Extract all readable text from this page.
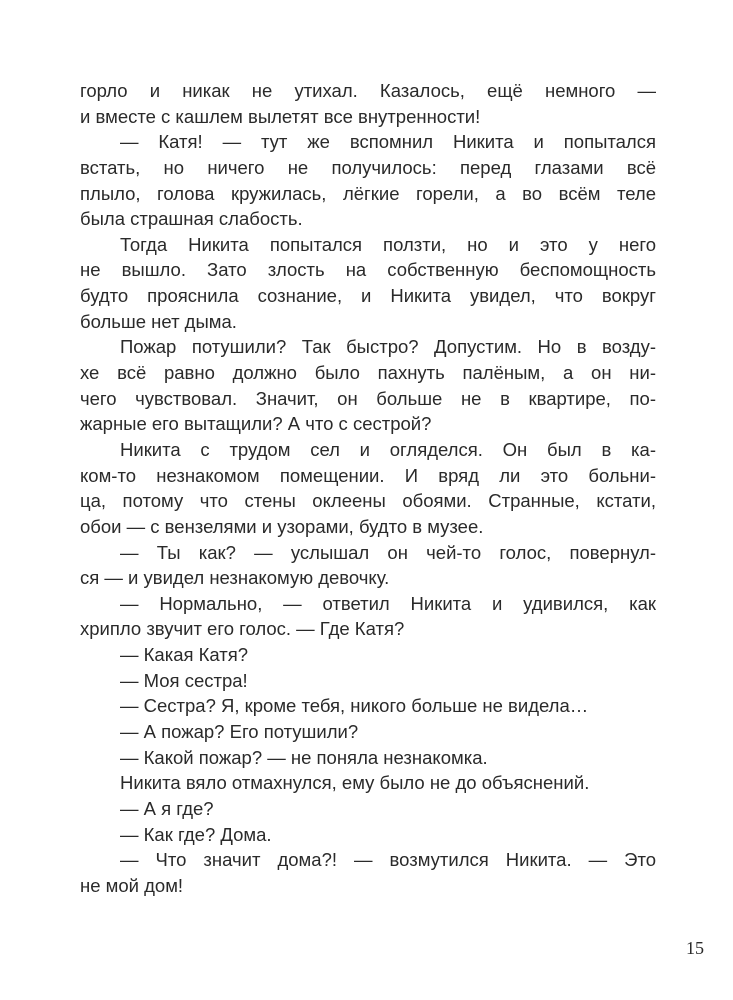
горло и никак не утихал. Казалось, ещё немного —
и вместе с кашлем вылетят все внутренности!
— Катя! — тут же вспомнил Никита и попытался
встать, но ничего не получилось: перед глазами всё
плыло, голова кружилась, лёгкие горели, а во всём теле
была страшная слабость.
Тогда Никита попытался ползти, но и это у него
не вышло. Зато злость на собственную беспомощность
будто прояснила сознание, и Никита увидел, что вокруг
больше нет дыма.
Пожар потушили? Так быстро? Допустим. Но в возду-
хе всё равно должно было пахнуть палёным, а он ни-
чего чувствовал. Значит, он больше не в квартире, по-
жарные его вытащили? А что с сестрой?
Никита с трудом сел и огляделся. Он был в ка-
ком-то незнакомом помещении. И вряд ли это больни-
ца, потому что стены оклеены обоями. Странные, кстати,
обои — с вензелями и узорами, будто в музее.
— Ты как? — услышал он чей-то голос, повернул-
ся — и увидел незнакомую девочку.
— Нормально, — ответил Никита и удивился, как
хрипло звучит его голос. — Где Катя?
— Какая Катя?
— Моя сестра!
— Сестра? Я, кроме тебя, никого больше не видела…
— А пожар? Его потушили?
— Какой пожар? — не поняла незнакомка.
Никита вяло отмахнулся, ему было не до объяснений.
— А я где?
— Как где? Дома.
— Что значит дома?! — возмутился Никита. — Это
не мой дом!
15
